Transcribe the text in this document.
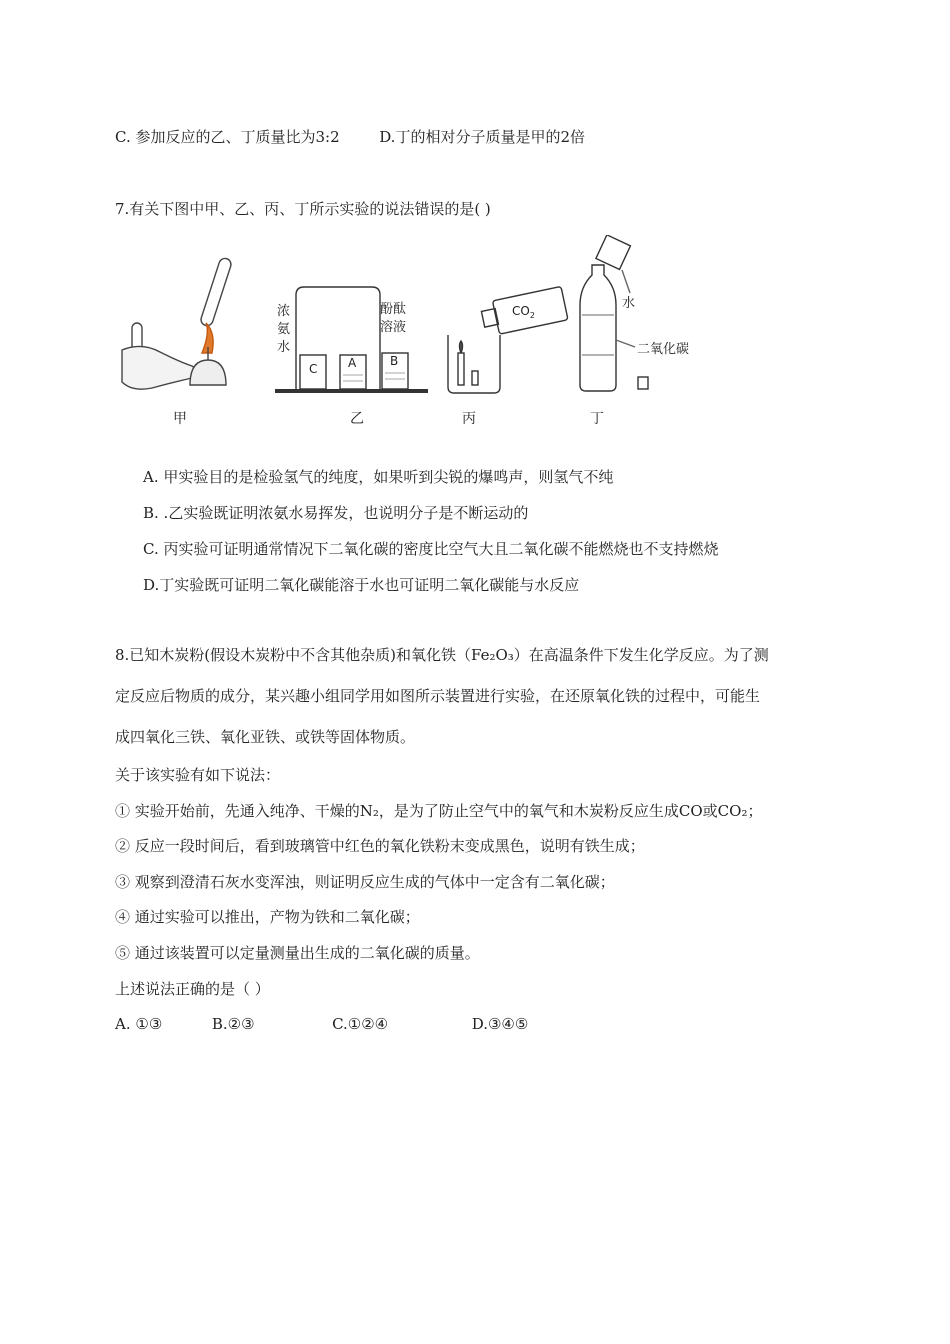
C. 参加反应的乙、丁质量比为3:2	D.丁的相对分子质量是甲的2倍
7.有关下图中甲、乙、丙、丁所示实验的说法错误的是( )
浓
氨
水
酚酞
溶液
C	A	B
$CO_2$
水
二氧化碳
甲	乙	丙	丁
A. 甲实验目的是检验氢气的纯度，如果听到尖锐的爆鸣声，则氢气不纯
B. .乙实验既证明浓氨水易挥发，也说明分子是不断运动的
C. 丙实验可证明通常情况下二氧化碳的密度比空气大且二氧化碳不能燃烧也不支持燃烧
D.丁实验既可证明二氧化碳能溶于水也可证明二氧化碳能与水反应
8.已知木炭粉(假设木炭粉中不含其他杂质)和氧化铁（Fe₂O₃）在高温条件下发生化学反应。为了测
定反应后物质的成分，某兴趣小组同学用如图所示装置进行实验，在还原氧化铁的过程中，可能生
成四氧化三铁、氧化亚铁、或铁等固体物质。
关于该实验有如下说法：
① 实验开始前，先通入纯净、干燥的N₂，是为了防止空气中的氧气和木炭粉反应生成CO或CO₂；
② 反应一段时间后，看到玻璃管中红色的氧化铁粉末变成黑色，说明有铁生成；
③ 观察到澄清石灰水变浑浊，则证明反应生成的气体中一定含有二氧化碳；
④ 通过实验可以推出，产物为铁和二氧化碳；
⑤ 通过该装置可以定量测量出生成的二氧化碳的质量。
上述说法正确的是（ ）
A. ①③	B.②③	C.①②④	D.③④⑤
